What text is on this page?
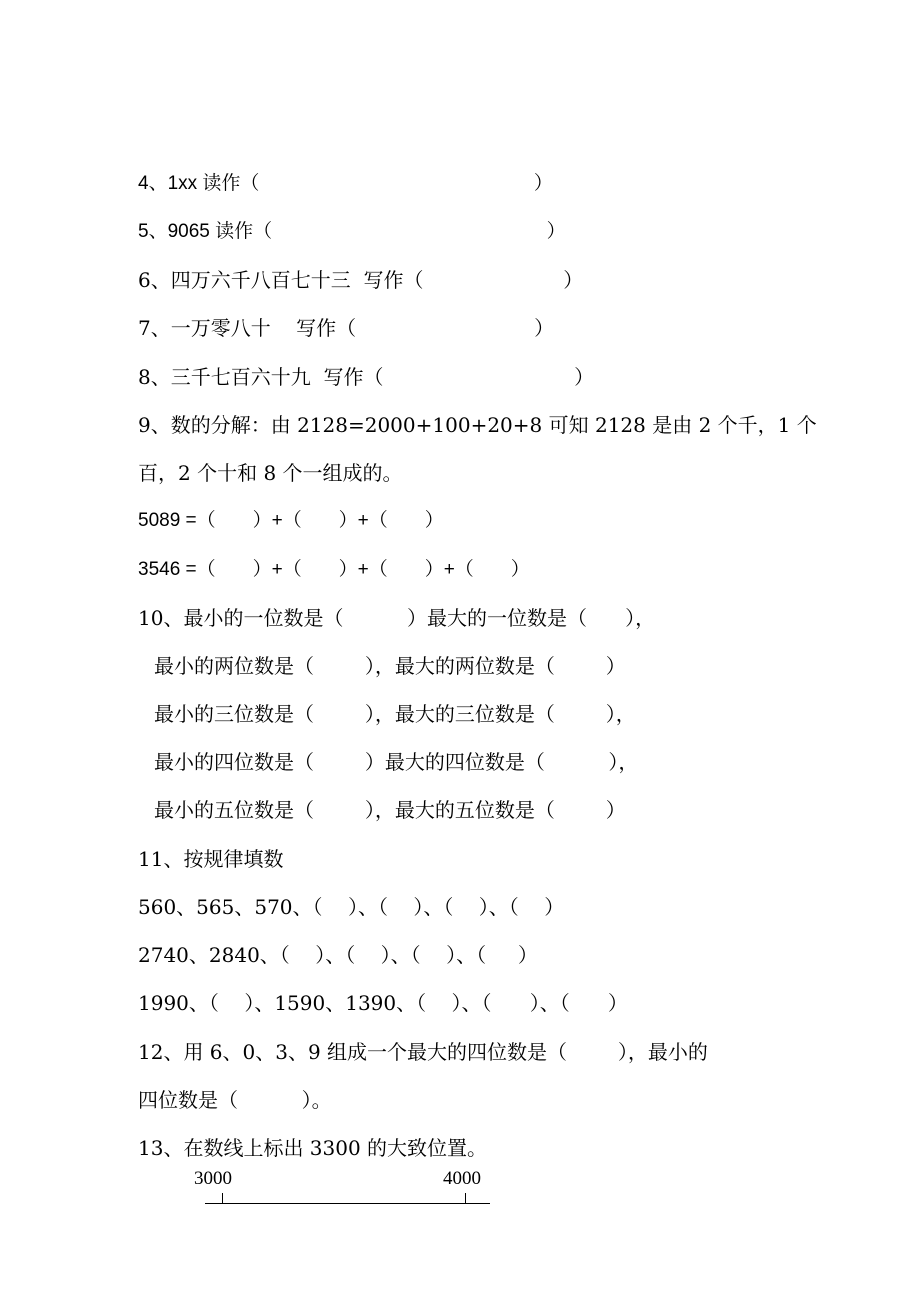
4、1xx 读作（                                                    ）
5、9065 读作（                                                    ）
6、四万六千八百七十三  写作（                      ）
7、一万零八十    写作（                            ）
8、三千七百六十九  写作（                              ）
9、数的分解：由 2128=2000+100+20+8 可知 2128 是由 2 个千，1 个
百，2 个十和 8 个一组成的。
5089 =（       ）+（       ）+（       ）
3546 =（       ）+（       ）+（       ）+（       ）
10、最小的一位数是（          ）最大的一位数是（      ），
最小的两位数是（        ），最大的两位数是（        ）
最小的三位数是（        ），最大的三位数是（        ），
最小的四位数是（        ）最大的四位数是（          ），
最小的五位数是（        ），最大的五位数是（        ）
11、按规律填数
560、565、570、（    ）、（    ）、（    ）、（    ）
2740、2840、（    ）、（    ）、（    ）、（     ）
1990、（    ）、1590、1390、（    ）、（      ）、（      ）
12、用 6、0、3、9 组成一个最大的四位数是（        ），最小的
四位数是（          ）。
13、在数线上标出 3300 的大致位置。
3000	4000
